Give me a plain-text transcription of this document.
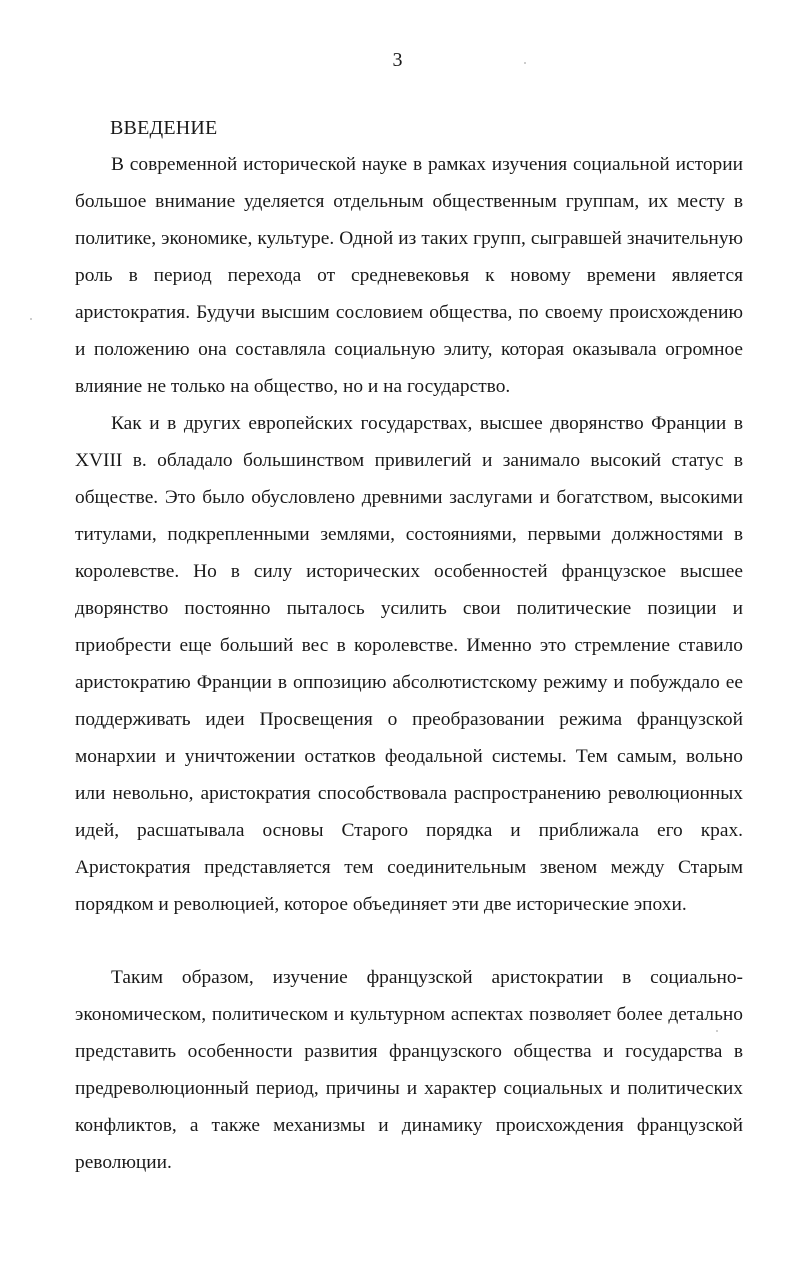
3
ВВЕДЕНИЕ

В современной исторической науке в рамках изучения социальной истории большое внимание уделяется отдельным общественным группам, их месту в политике, экономике, культуре. Одной из таких групп, сыгравшей значительную роль в период перехода от средневековья к новому времени является аристократия. Будучи высшим сословием общества, по своему происхождению и положению она составляла социальную элиту, которая оказывала огромное влияние не только на общество, но и на государство.

Как и в других европейских государствах, высшее дворянство Франции в XVIII в. обладало большинством привилегий и занимало высокий статус в обществе. Это было обусловлено древними заслугами и богатством, высокими титулами, подкрепленными землями, состояниями, первыми должностями в королевстве. Но в силу исторических особенностей французское высшее дворянство постоянно пыталось усилить свои политические позиции и приобрести еще больший вес в королевстве. Именно это стремление ставило аристократию Франции в оппозицию абсолютистскому режиму и побуждало ее поддерживать идеи Просвещения о преобразовании режима французской монархии и уничтожении остатков феодальной системы. Тем самым, вольно или невольно, аристократия способствовала распространению революционных идей, расшатывала основы Старого порядка и приближала его крах. Аристократия представляется тем соединительным звеном между Старым порядком и революцией, которое объединяет эти две исторические эпохи.

Таким образом, изучение французской аристократии в социально-экономическом, политическом и культурном аспектах позволяет более детально представить особенности развития французского общества и государства в предреволюционный период, причины и характер социальных и политических конфликтов, а также механизмы и динамику происхождения французской революции.
